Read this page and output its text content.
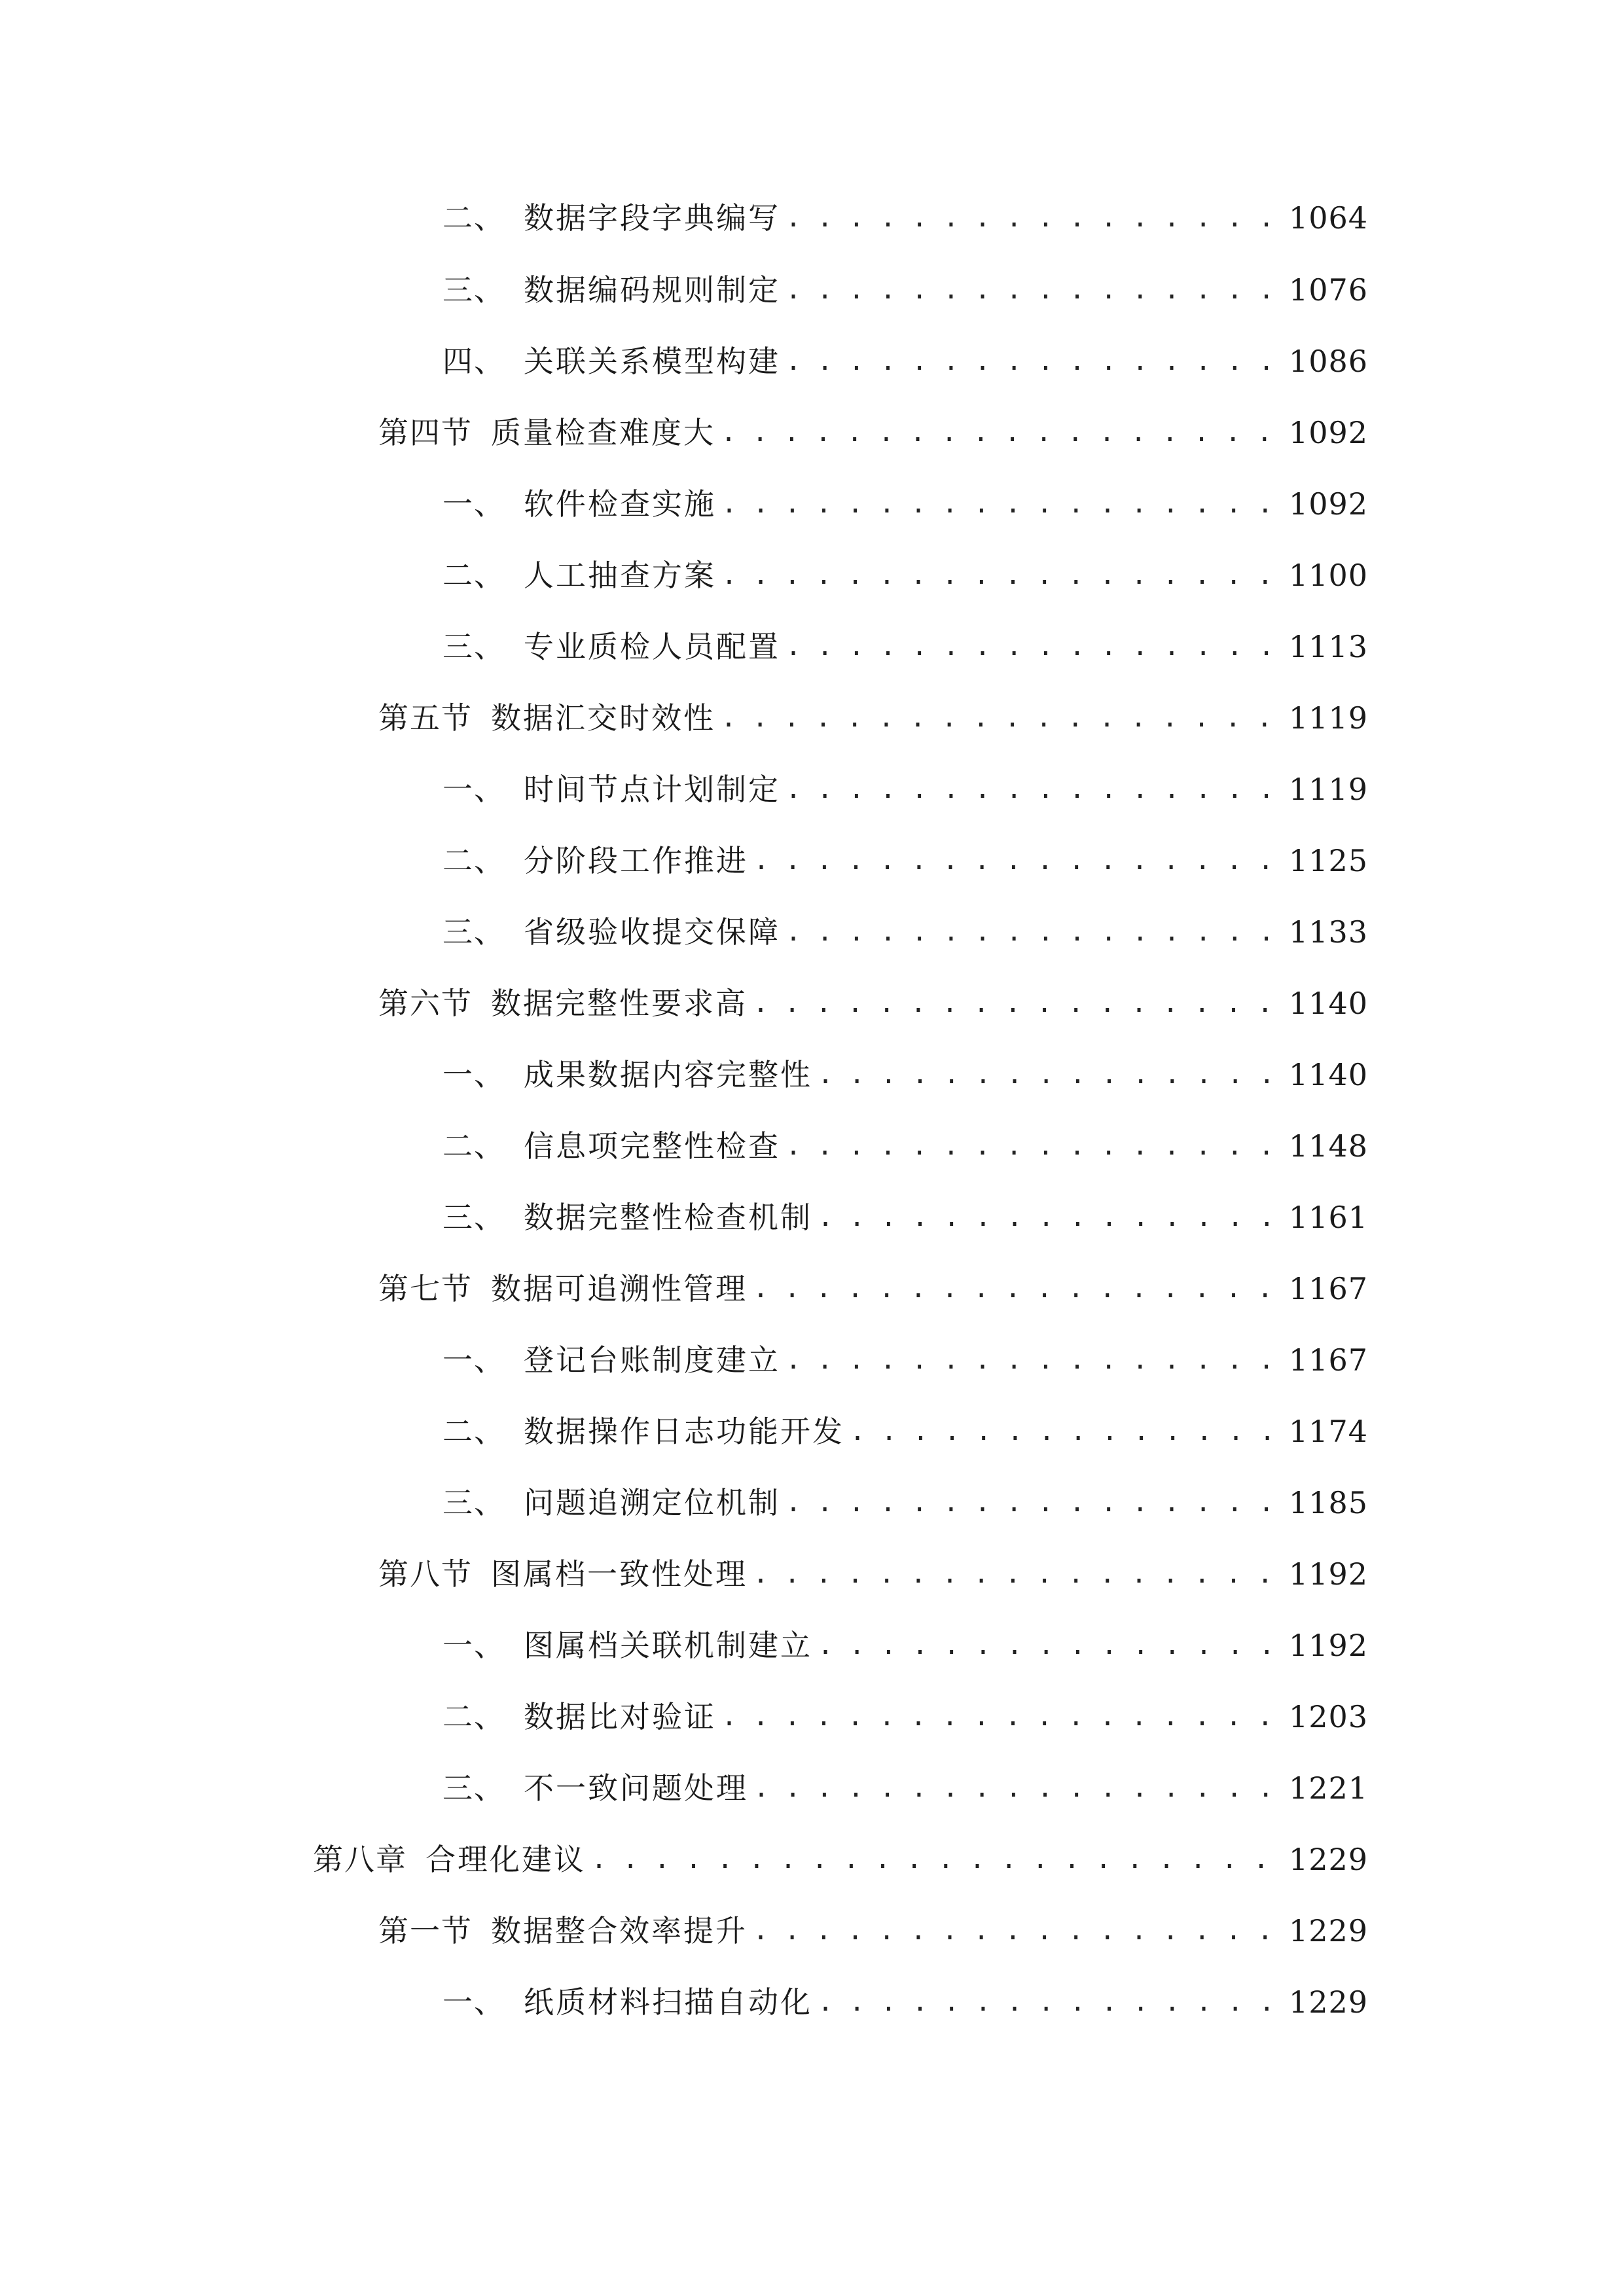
二、 数据字段字典编写 . . .	1064
三、 数据编码规则制定 . . .	1076
四、 关联关系模型构建 . . .	1086
第四节 质量检查难度大 . . .	1092
一、 软件检查实施 . . .	1092
二、 人工抽查方案 . . .	1100
三、 专业质检人员配置 . . .	1113
第五节 数据汇交时效性 . . .	1119
一、 时间节点计划制定 . . .	1119
二、 分阶段工作推进 . . .	1125
三、 省级验收提交保障 . . .	1133
第六节 数据完整性要求高 . . .	1140
一、 成果数据内容完整性 . . .	1140
二、 信息项完整性检查 . . .	1148
三、 数据完整性检查机制 . . .	1161
第七节 数据可追溯性管理 . . .	1167
一、 登记台账制度建立 . . .	1167
二、 数据操作日志功能开发 . . .	1174
三、 问题追溯定位机制 . . .	1185
第八节 图属档一致性处理 . . .	1192
一、 图属档关联机制建立 . . .	1192
二、 数据比对验证 . . .	1203
三、 不一致问题处理 . . .	1221
第八章 合理化建议 . . .	1229
第一节 数据整合效率提升 . . .	1229
一、 纸质材料扫描自动化 . . .	1229
